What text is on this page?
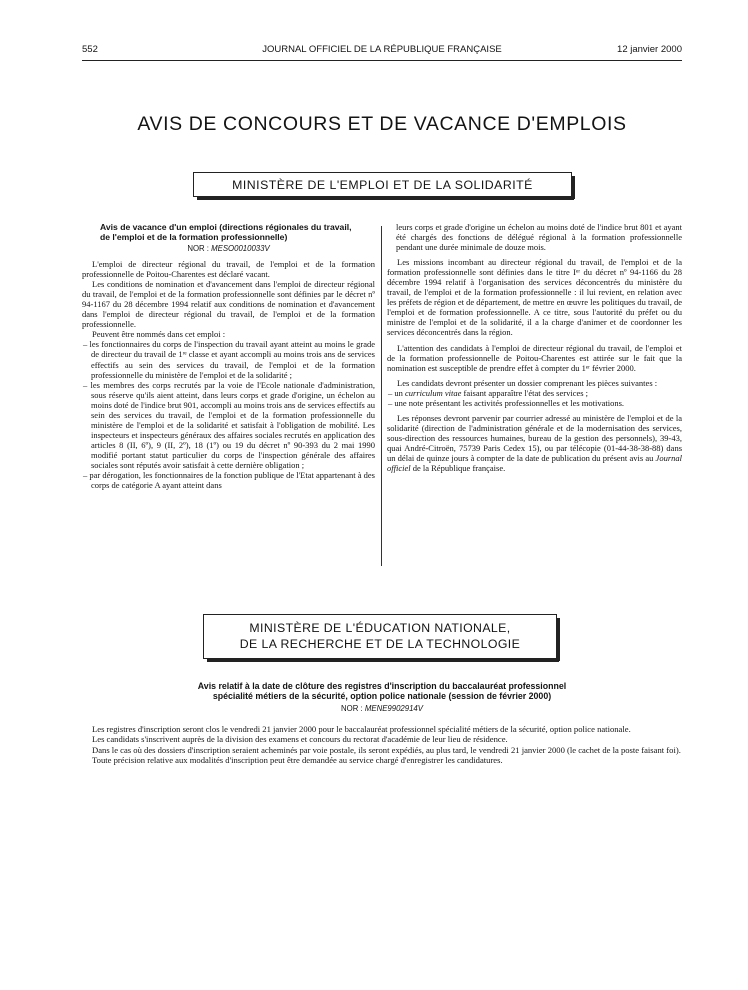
552	JOURNAL OFFICIEL DE LA RÉPUBLIQUE FRANÇAISE	12 janvier 2000
AVIS DE CONCOURS ET DE VACANCE D'EMPLOIS
MINISTÈRE DE L'EMPLOI ET DE LA SOLIDARITÉ
Avis de vacance d'un emploi (directions régionales du travail, de l'emploi et de la formation professionnelle)
NOR : MESO0010033V

L'emploi de directeur régional du travail, de l'emploi et de la formation professionnelle de Poitou-Charentes est déclaré vacant.

Les conditions de nomination et d'avancement dans l'emploi de directeur régional du travail, de l'emploi et de la formation professionnelle sont définies par le décret nº 94-1167 du 28 décembre 1994 relatif aux conditions de nomination et d'avancement dans l'emploi de directeur régional du travail, de l'emploi et de la formation professionnelle.

Peuvent être nommés dans cet emploi :

– les fonctionnaires du corps de l'inspection du travail ayant atteint au moins le grade de directeur du travail de 1ʳᵉ classe et ayant accompli au moins trois ans de services effectifs au sein des services du travail, de l'emploi et de la formation professionnelle du ministère de l'emploi et de la solidarité ;

– les membres des corps recrutés par la voie de l'Ecole nationale d'administration, sous réserve qu'ils aient atteint, dans leurs corps et grade d'origine, un échelon au moins doté de l'indice brut 901, accompli au moins trois ans de services effectifs au sein des services du travail, de l'emploi et de la formation professionnelle du ministère de l'emploi et de la solidarité et satisfait à l'obligation de mobilité. Les inspecteurs et inspecteurs généraux des affaires sociales recrutés en application des articles 8 (II, 6º), 9 (II, 2º), 18 (1º) ou 19 du décret nº 90-393 du 2 mai 1990 modifié portant statut particulier du corps de l'inspection générale des affaires sociales sont réputés avoir satisfait à cette dernière obligation ;

– par dérogation, les fonctionnaires de la fonction publique de l'Etat appartenant à des corps de catégorie A ayant atteint dans

leurs corps et grade d'origine un échelon au moins doté de l'indice brut 801 et ayant été chargés des fonctions de délégué régional à la formation professionnelle pendant une durée minimale de douze mois.

Les missions incombant au directeur régional du travail, de l'emploi et de la formation professionnelle sont définies dans le titre Iᵉʳ du décret nº 94-1166 du 28 décembre 1994 relatif à l'organisation des services déconcentrés du ministère du travail, de l'emploi et de la formation professionnelle : il lui revient, en relation avec les préfets de région et de département, de mettre en œuvre les politiques du travail, de l'emploi et de formation professionnelle. A ce titre, sous l'autorité du préfet ou du ministre de l'emploi et de la solidarité, il a la charge d'animer et de coordonner les services déconcentrés dans la région.

L'attention des candidats à l'emploi de directeur régional du travail, de l'emploi et de la formation professionnelle de Poitou-Charentes est attirée sur le fait que la nomination est susceptible de prendre effet à compter du 1ᵉʳ février 2000.

Les candidats devront présenter un dossier comprenant les pièces suivantes :

– un curriculum vitae faisant apparaître l'état des services ;

– une note présentant les activités professionnelles et les motivations.

Les réponses devront parvenir par courrier adressé au ministère de l'emploi et de la solidarité (direction de l'administration générale et de la modernisation des services, sous-direction des ressources humaines, bureau de la gestion des personnels), 39-43, quai André-Citroën, 75739 Paris Cedex 15), ou par télécopie (01-44-38-38-88) dans un délai de quinze jours à compter de la date de publication du présent avis au Journal officiel de la République française.

MINISTÈRE DE L'ÉDUCATION NATIONALE,
DE LA RECHERCHE ET DE LA TECHNOLOGIE
Avis relatif à la date de clôture des registres d'inscription du baccalauréat professionnel
spécialité métiers de la sécurité, option police nationale (session de février 2000)
NOR : MENE9902914V

Les registres d'inscription seront clos le vendredi 21 janvier 2000 pour le baccalauréat professionnel spécialité métiers de la sécurité, option police nationale.

Les candidats s'inscrivent auprès de la division des examens et concours du rectorat d'académie de leur lieu de résidence.

Dans le cas où des dossiers d'inscription seraient acheminés par voie postale, ils seront expédiés, au plus tard, le vendredi 21 janvier 2000 (le cachet de la poste faisant foi).

Toute précision relative aux modalités d'inscription peut être demandée au service chargé d'enregistrer les candidatures.
